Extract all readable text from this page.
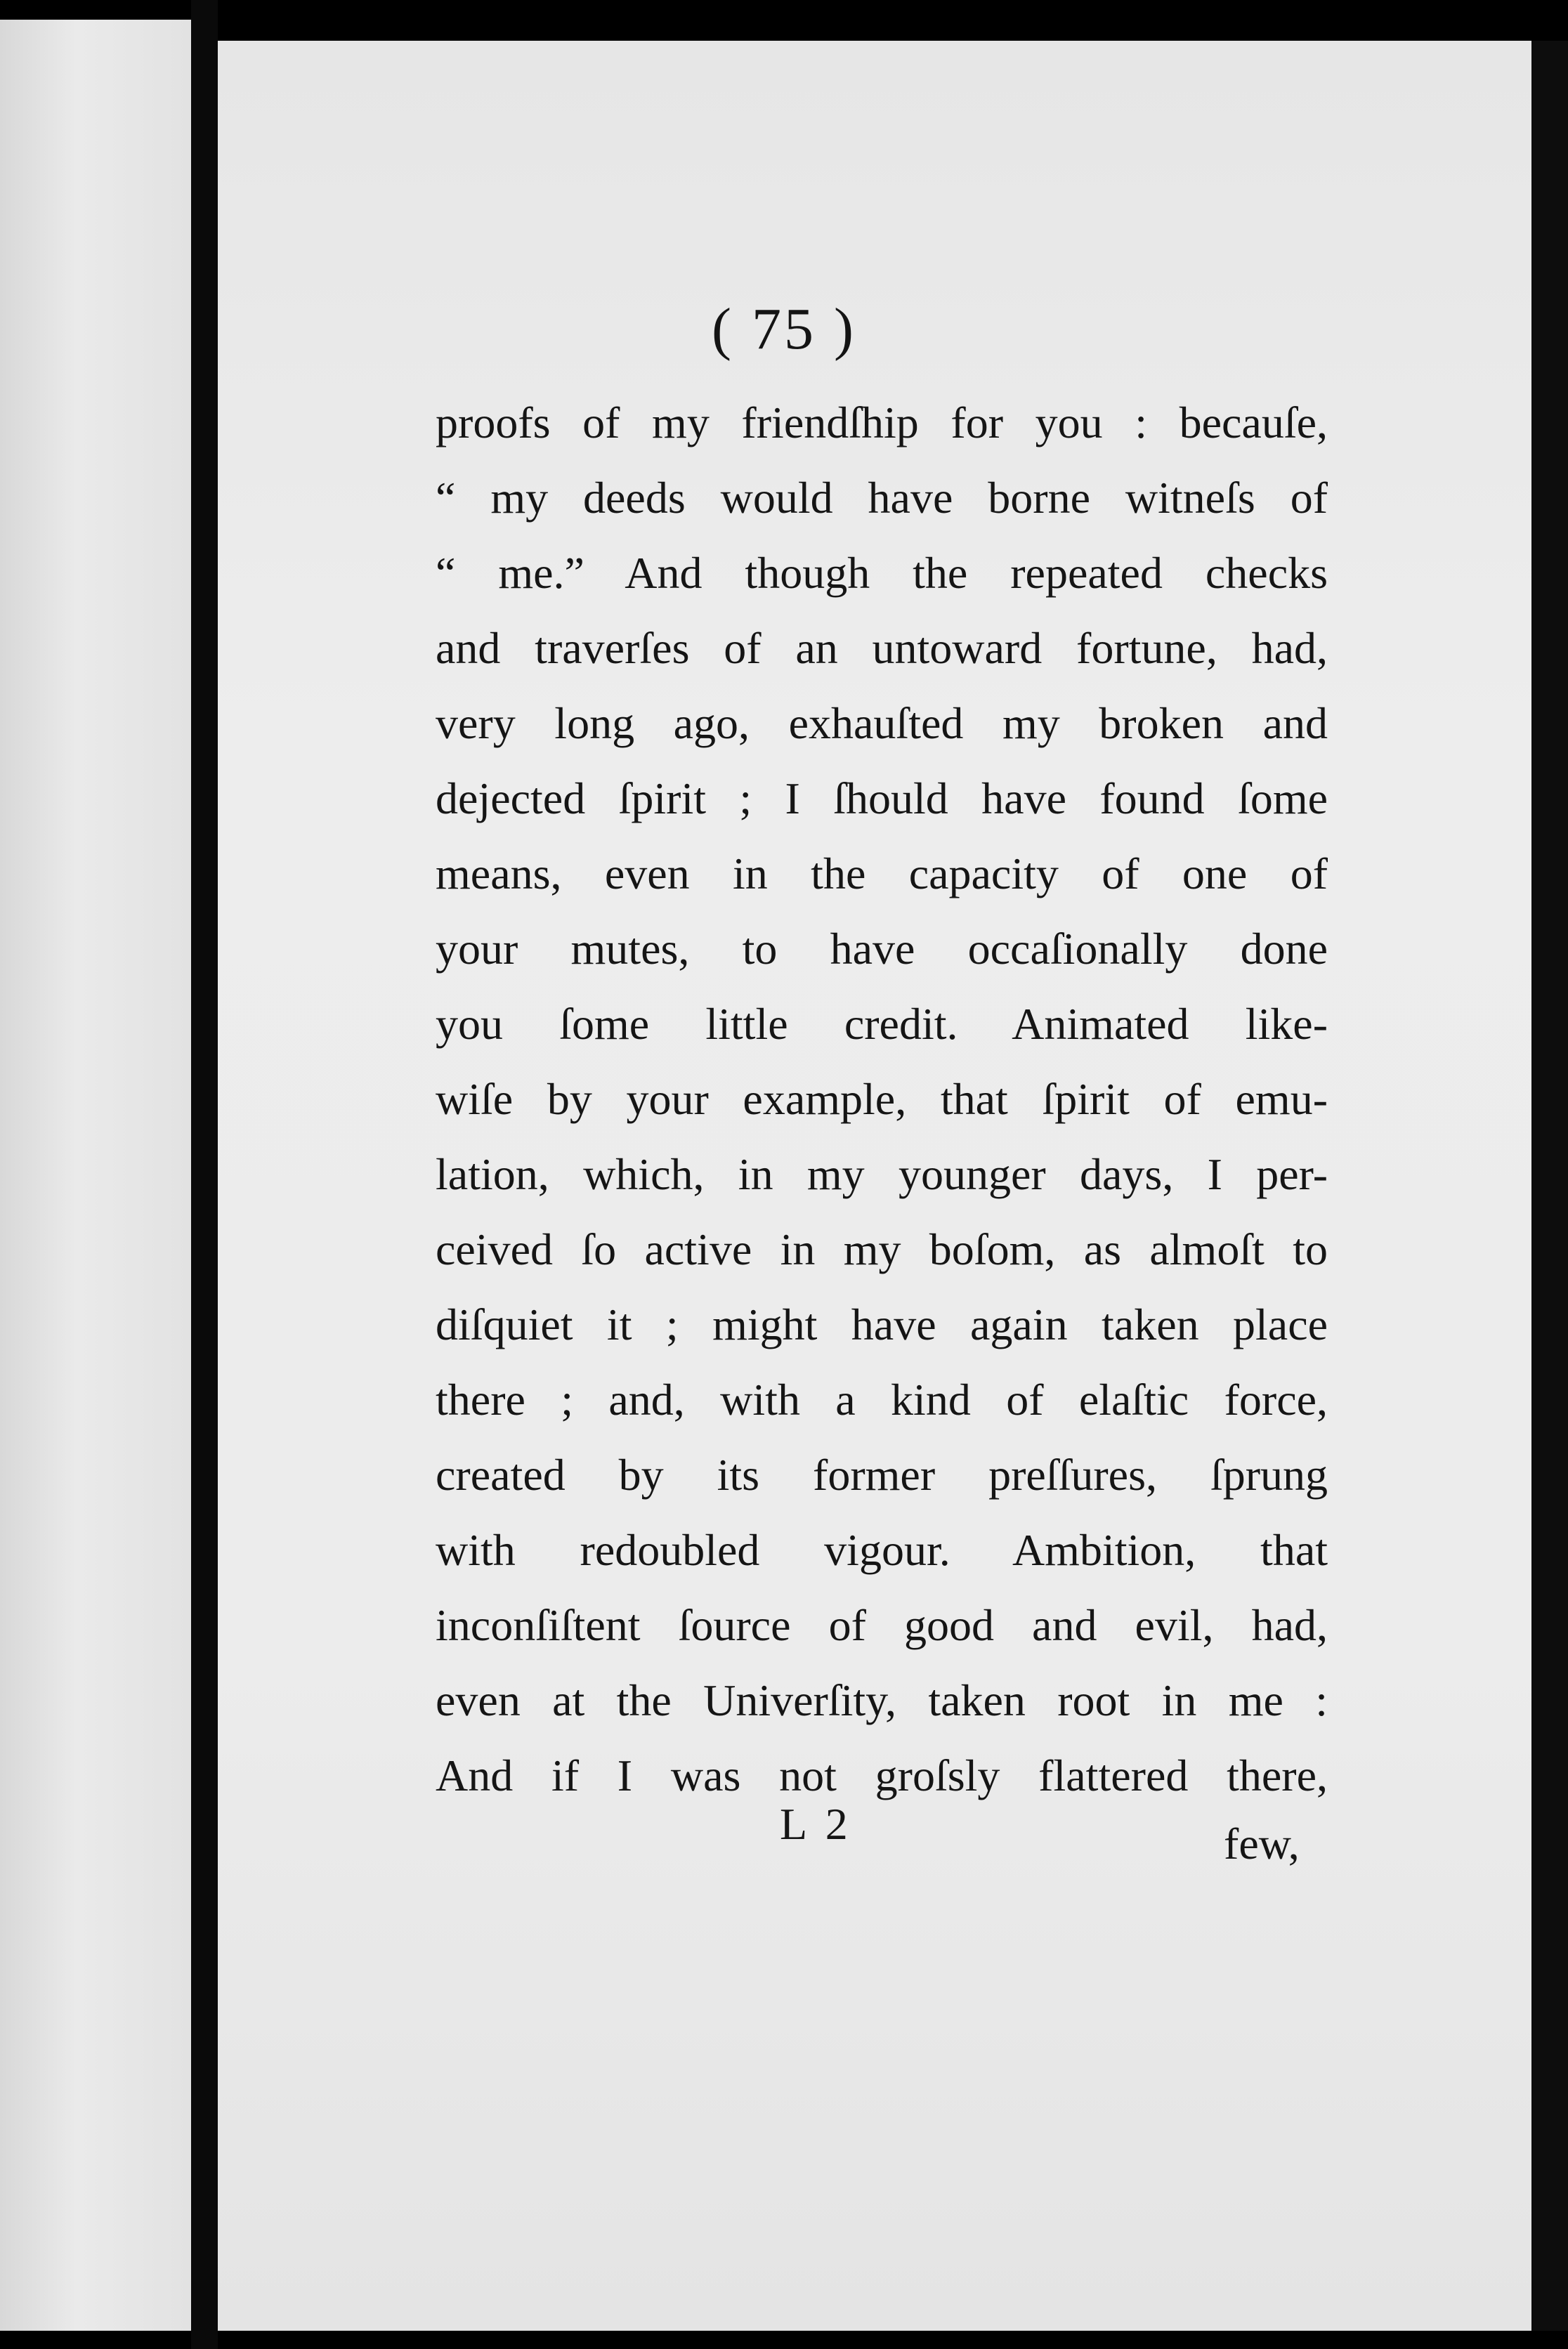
( 75 )
proofs of my friendſhip for you : becauſe,
“ my deeds would have borne witneſs of
“ me.” And though the repeated checks
and traverſes of an untoward fortune, had,
very long ago, exhauſted my broken and
dejected ſpirit ; I ſhould have found ſome
means, even in the capacity of one of
your mutes, to have occaſionally done
you ſome little credit. Animated like-
wiſe by your example, that ſpirit of emu-
lation, which, in my younger days, I per-
ceived ſo active in my boſom, as almoſt to
diſquiet it ; might have again taken place
there ; and, with a kind of elaſtic force,
created by its former preſſures, ſprung
with redoubled vigour. Ambition, that
inconſiſtent ſource of good and evil, had,
even at the Univerſity, taken root in me :
And if I was not groſsly flattered there,
L 2	few,
